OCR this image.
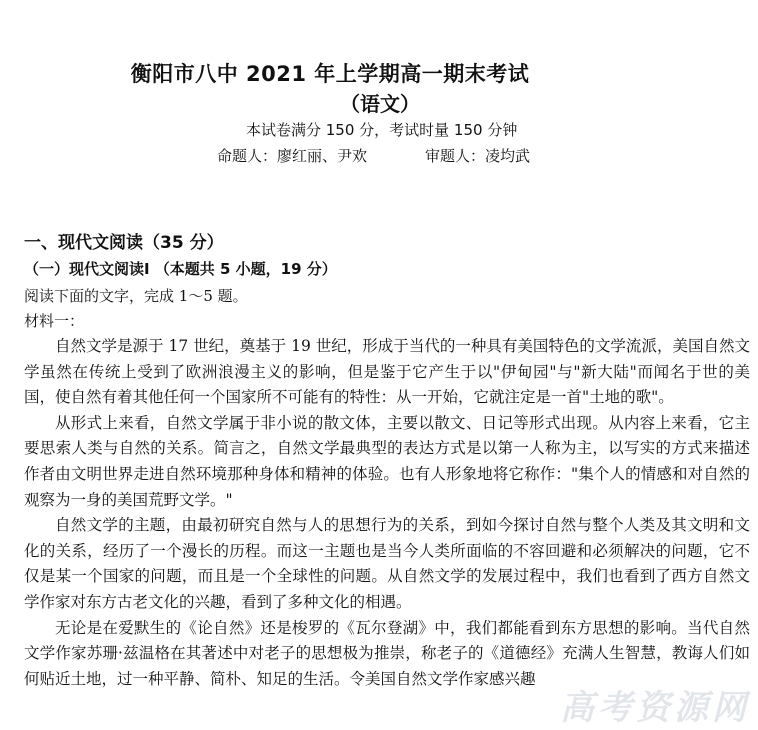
衡阳市八中 2021 年上学期高一期末考试
（语文）
本试卷满分 150 分，考试时量 150 分钟
命题人：廖红丽、尹欢	审题人：凌均武
一、现代文阅读（35 分）
（一）现代文阅读Ⅰ （本题共 5 小题，19 分）
阅读下面的文字，完成 1～5 题。
材料一：

自然文学是源于 17 世纪，奠基于 19 世纪，形成于当代的一种具有美国特色的文学流派，美国自然文学虽然在传统上受到了欧洲浪漫主义的影响，但是鉴于它产生于以"伊甸园"与"新大陆"而闻名于世的美国，使自然有着其他任何一个国家所不可能有的特性：从一开始，它就注定是一首"土地的歌"。

从形式上来看，自然文学属于非小说的散文体，主要以散文、日记等形式出现。从内容上来看，它主要思索人类与自然的关系。简言之，自然文学最典型的表达方式是以第一人称为主，以写实的方式来描述作者由文明世界走进自然环境那种身体和精神的体验。也有人形象地将它称作："集个人的情感和对自然的观察为一身的美国荒野文学。"

自然文学的主题，由最初研究自然与人的思想行为的关系，到如今探讨自然与整个人类及其文明和文化的关系，经历了一个漫长的历程。而这一主题也是当今人类所面临的不容回避和必须解决的问题，它不仅是某一个国家的问题，而且是一个全球性的问题。从自然文学的发展过程中，我们也看到了西方自然文学作家对东方古老文化的兴趣，看到了多种文化的相遇。

无论是在爱默生的《论自然》还是梭罗的《瓦尔登湖》中，我们都能看到东方思想的影响。当代自然文学作家苏珊·兹温格在其著述中对老子的思想极为推崇，称老子的《道德经》充满人生智慧，教诲人们如何贴近土地，过一种平静、简朴、知足的生活。令美国自然文学作家感兴趣

高考资源网
